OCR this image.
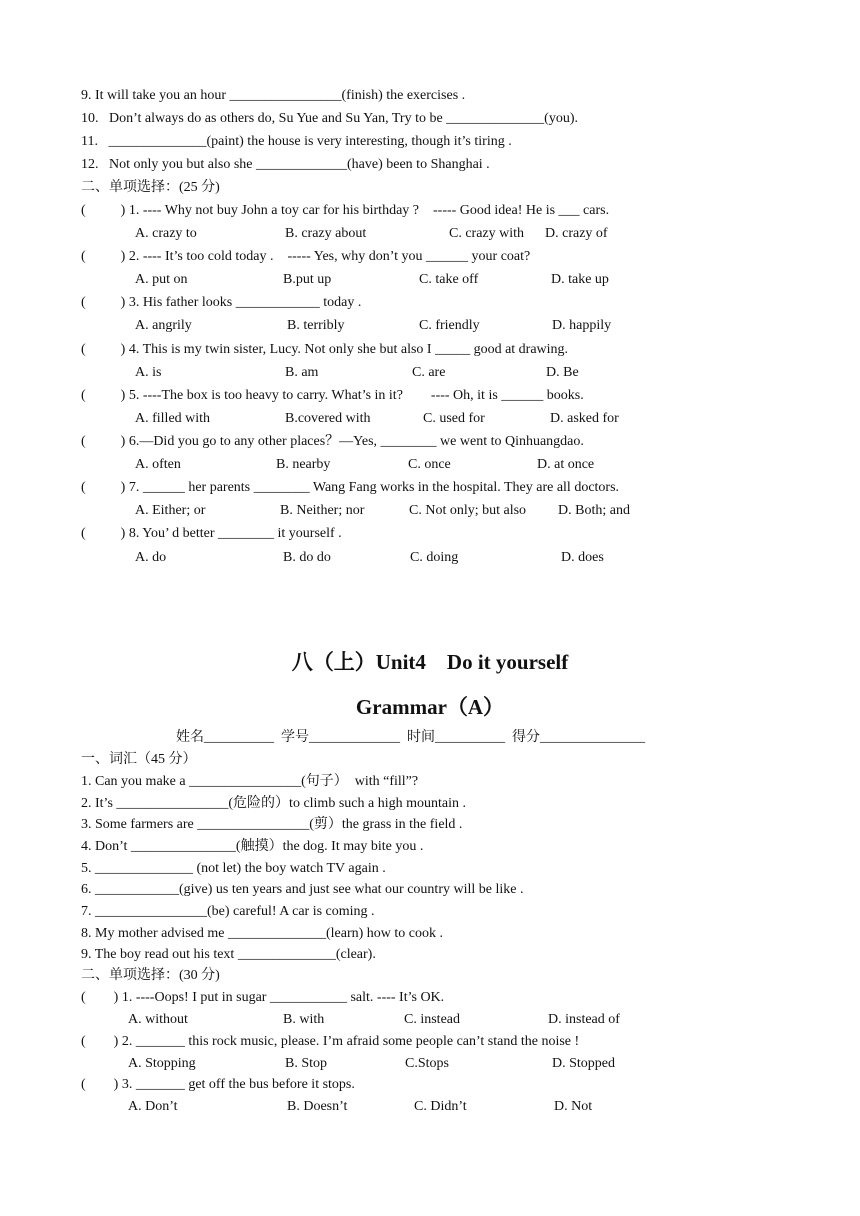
9. It will take you an hour ________________(finish) the exercises .
10.   Don’t always do as others do, Su Yue and Su Yan, Try to be ______________(you).
11.   ______________(paint) the house is very interesting, though it’s tiring .
12.   Not only you but also she _____________(have) been to Shanghai .
二、单项选择：(25 分)
(          ) 1. ---- Why not buy John a toy car for his birthday ?    ----- Good idea! He is ___ cars.
A. crazy to	B. crazy about	C. crazy with D. crazy of
(          ) 2. ---- It’s too cold today .    ----- Yes, why don’t you ______ your coat?
A. put on	B.put up	C. take off	D. take up
(          ) 3. His father looks ____________ today .
A. angrily	B. terribly	C. friendly	D. happily
(          ) 4. This is my twin sister, Lucy. Not only she but also I _____ good at drawing.
A. is	B. am	C. are	D. Be
(          ) 5. ----The box is too heavy to carry. What’s in it?        ---- Oh, it is ______ books.
A. filled with	B.covered with	C. used for	D. asked for
(          ) 6.—Did you go to any other places？—Yes, ________ we went to Qinhuangdao.
A. often	B. nearby	C. once	D. at once
(          ) 7. ______ her parents ________ Wang Fang works in the hospital. They are all doctors.
A. Either; or	B. Neither; nor	C. Not only; but also D. Both; and
(          ) 8. You’ d better ________ it yourself .
A. do	B. do do	C. doing	D. does
八（上）Unit4    Do it yourself
Grammar（A）
姓名__________  学号_____________  时间__________  得分_______________
一、词汇（45 分）
1. Can you make a ________________(句子）  with “fill”?
2. It’s ________________(危险的）to climb such a high mountain .
3. Some farmers are ________________(剪）the grass in the field .
4. Don’t _______________(触摸）the dog. It may bite you .
5. ______________ (not let) the boy watch TV again .
6. ____________(give) us ten years and just see what our country will be like .
7. ________________(be) careful! A car is coming .
8. My mother advised me ______________(learn) how to cook .
9. The boy read out his text ______________(clear).
二、单项选择：(30 分)
(        ) 1. ----Oops! I put in sugar ___________ salt. ---- It’s OK.
A. without	B. with	C. instead	D. instead of
(        ) 2. _______ this rock music, please. I’m afraid some people can’t stand the noise !
A. Stopping	B. Stop	C.Stops	D. Stopped
(        ) 3. _______ get off the bus before it stops.
A. Don’t	B. Doesn’t	C. Didn’t	D. Not
